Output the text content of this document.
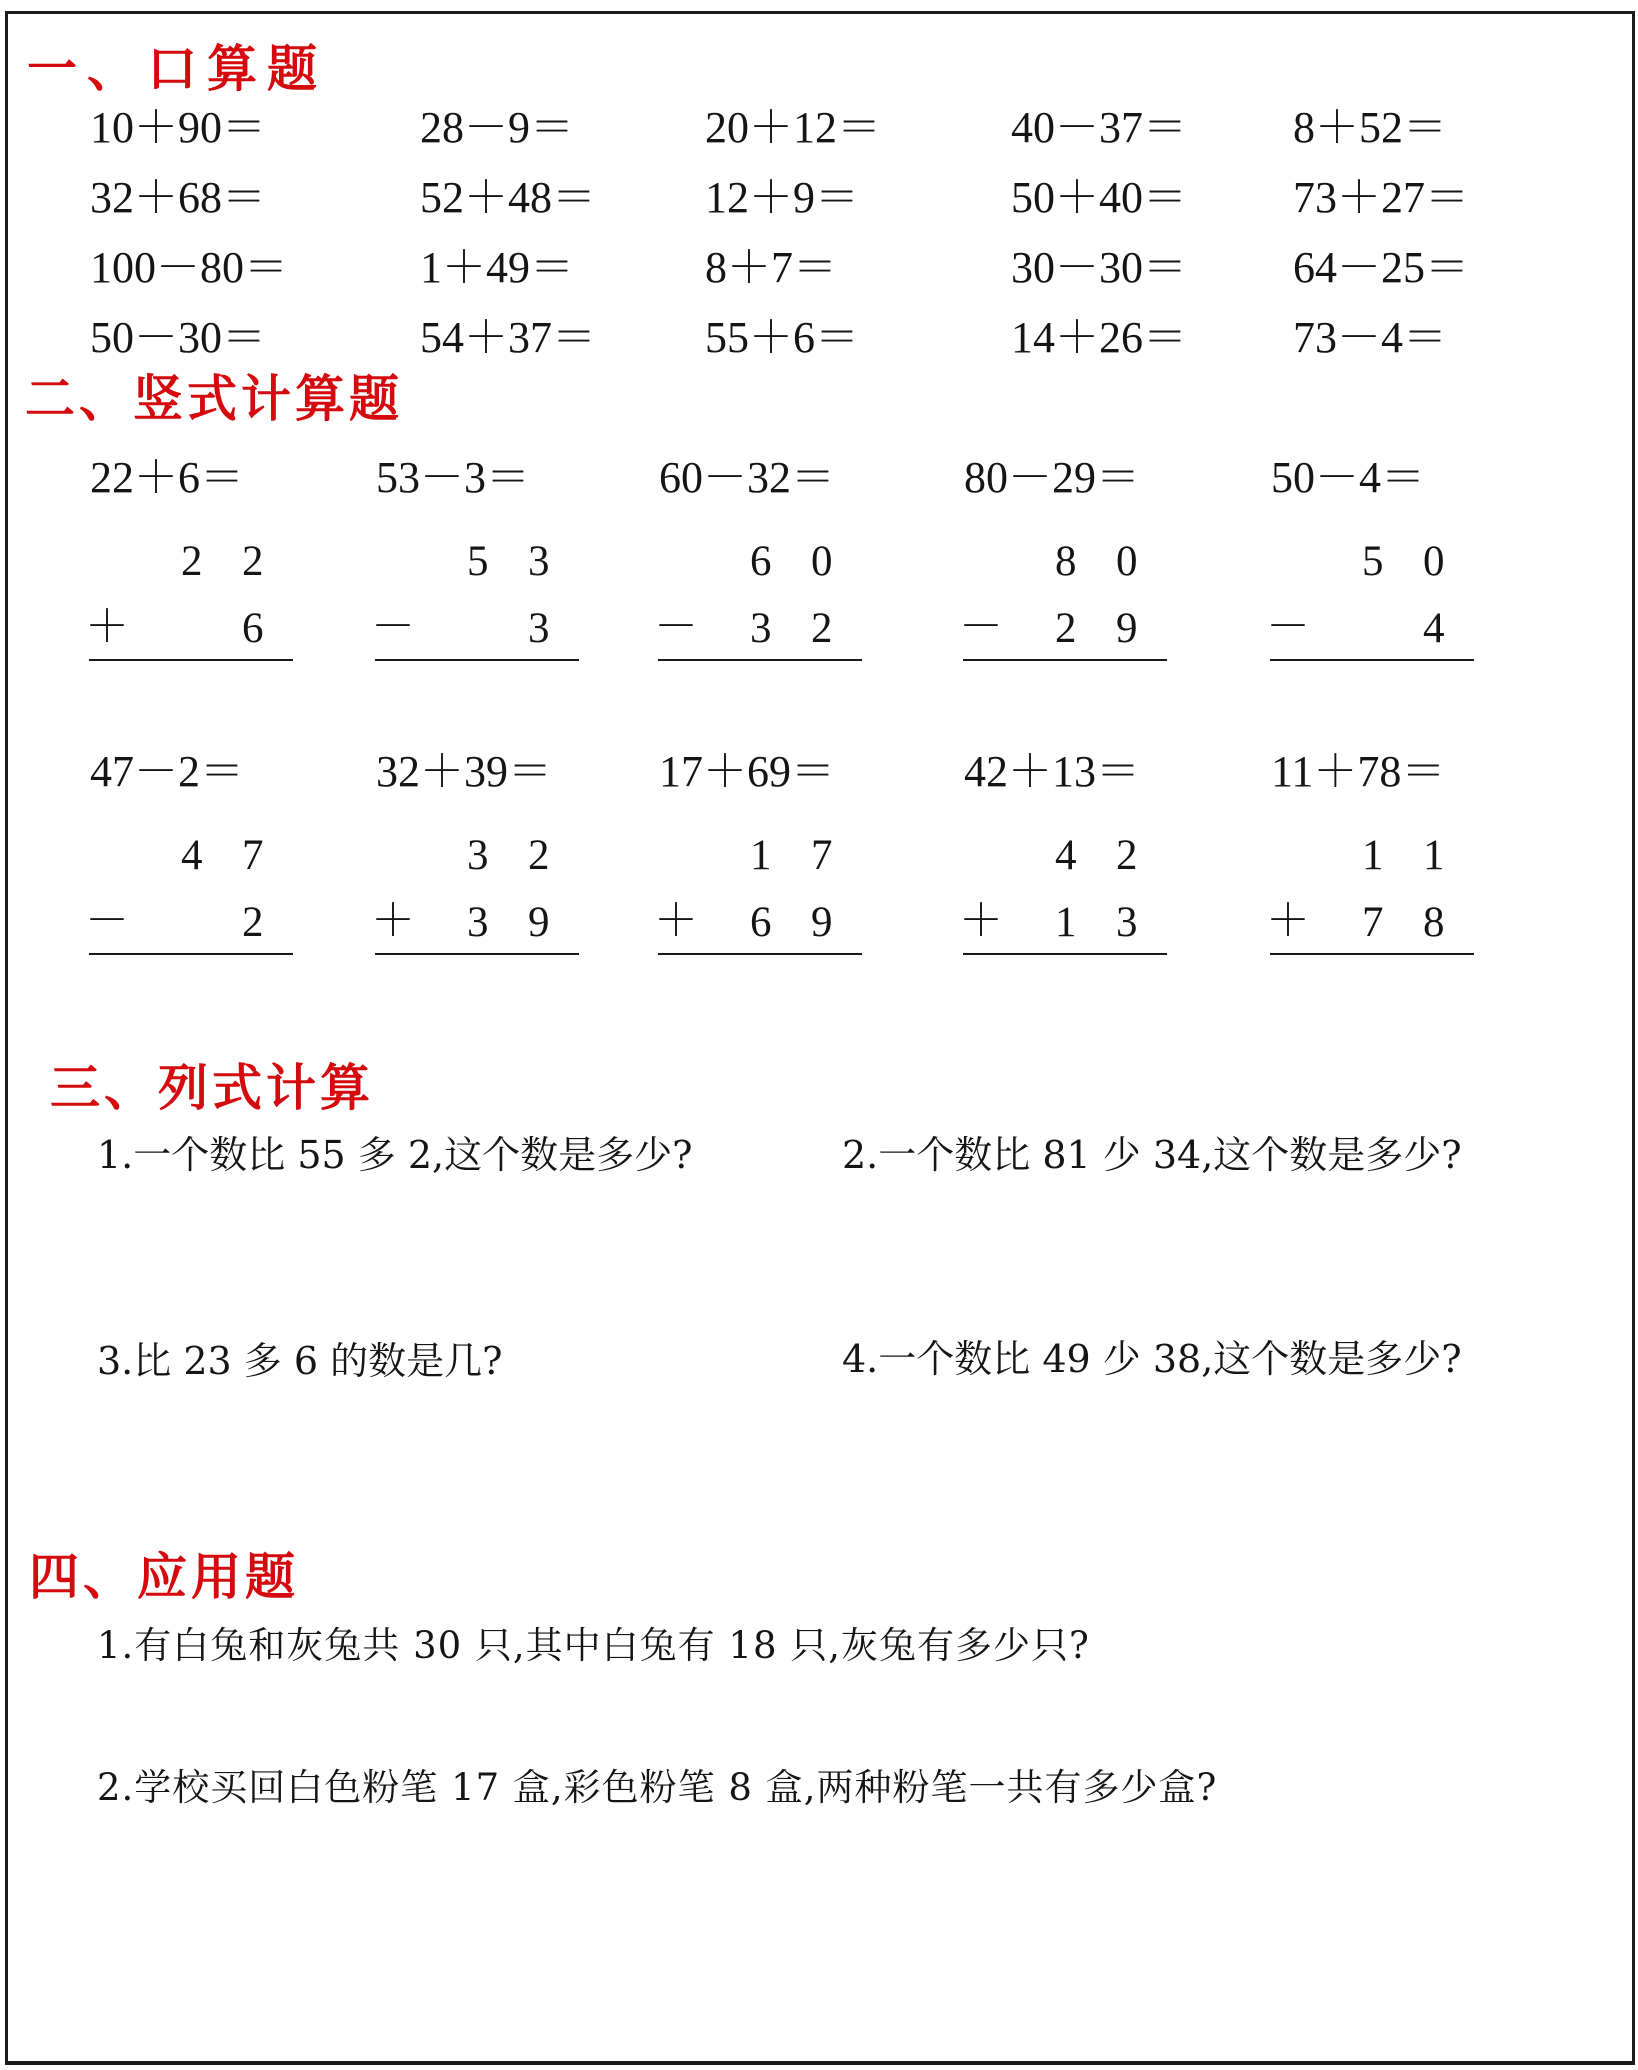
一、口算题
10＋90＝	28－9＝	20＋12＝	40－37＝ 8＋52＝
32＋68＝	52＋48＝ 12＋9＝	50＋40＝ 73＋27＝
100－80＝	1＋49＝	8＋7＝	30－30＝ 64－25＝
50－30＝	54＋37＝ 55＋6＝	14＋26＝ 73－4＝
二、竖式计算题
22＋6＝
2 2
＋	6
53－3＝
5 3
－	3
60－32＝
6 0
－ 3 2
80－29＝
8 0
－ 2 9
50－4＝
5 0
－	4
47－2＝
4 7
－	2
32＋39＝
3 2
＋ 3 9
17＋69＝
1 7
＋ 6 9
42＋13＝
4 2
＋ 1 3
11＋78＝
1 1
＋ 7 8
三、列式计算
1.一个数比 55 多 2,这个数是多少?	2.一个数比 81 少 34,这个数是多少?
3.比 23 多 6 的数是几?	4.一个数比 49 少 38,这个数是多少?
四、应用题
1.有白兔和灰兔共 30 只,其中白兔有 18 只,灰兔有多少只?
2.学校买回白色粉笔 17 盒,彩色粉笔 8 盒,两种粉笔一共有多少盒?
